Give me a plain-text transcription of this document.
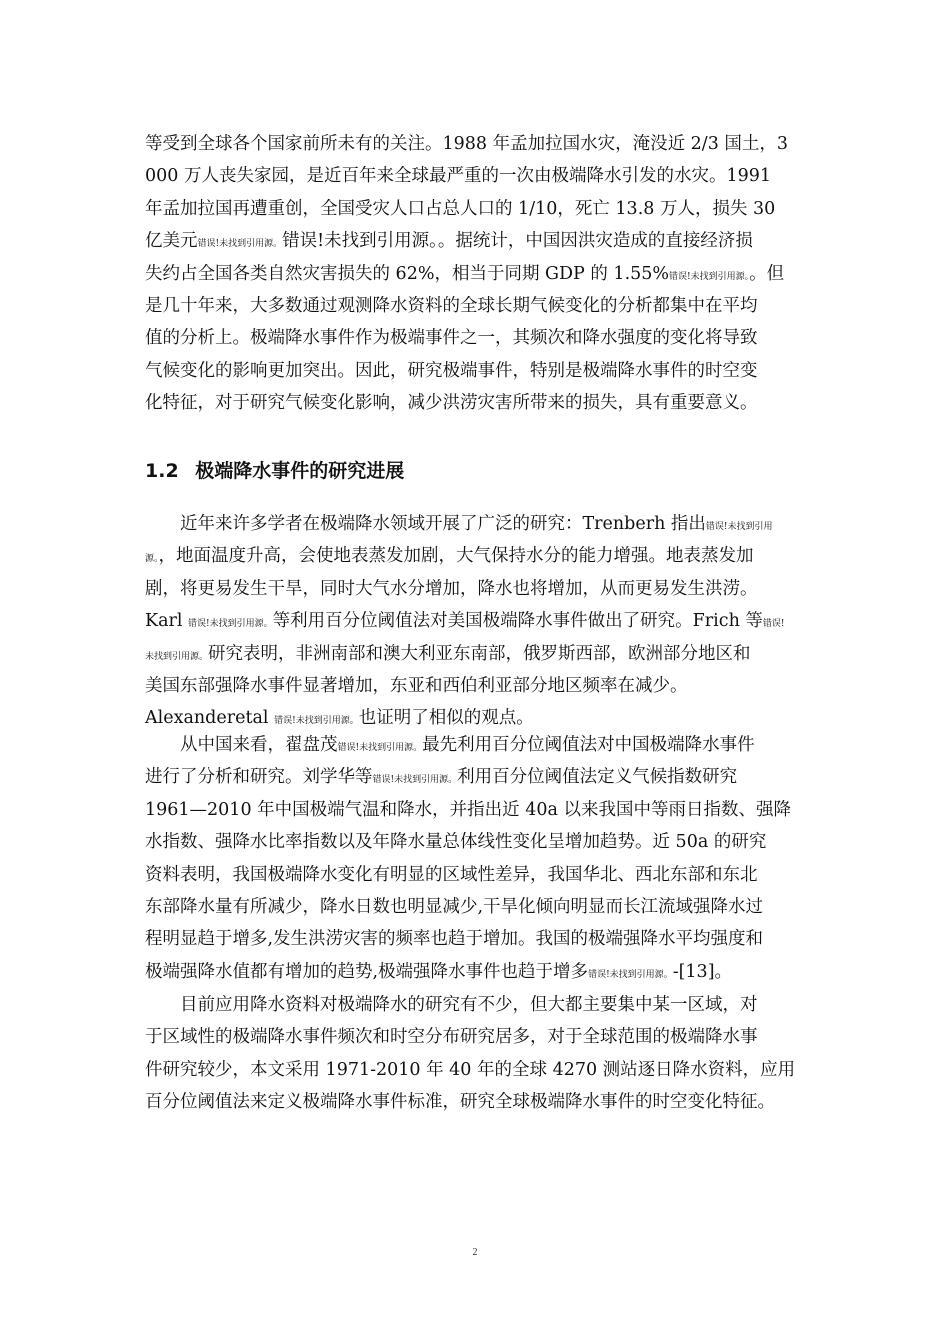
等受到全球各个国家前所未有的关注。1988 年孟加拉国水灾，淹没近 2/3 国土，3
000 万人丧失家园，是近百年来全球最严重的一次由极端降水引发的水灾。1991
年孟加拉国再遭重创，全国受灾人口占总人口的 1/10，死亡 13.8 万人，损失 30
亿美元错误!未找到引用源。错误!未找到引用源。。据统计，中国因洪灾造成的直接经济损
失约占全国各类自然灾害损失的 62%，相当于同期 GDP 的 1.55%错误!未找到引用源。。但
是几十年来，大多数通过观测降水资料的全球长期气候变化的分析都集中在平均
值的分析上。极端降水事件作为极端事件之一，其频次和降水强度的变化将导致
气候变化的影响更加突出。因此，研究极端事件，特别是极端降水事件的时空变
化特征，对于研究气候变化影响，减少洪涝灾害所带来的损失，具有重要意义。
1.2 极端降水事件的研究进展
　　近年来许多学者在极端降水领域开展了广泛的研究：Trenberh 指出错误!未找到引用
源。，地面温度升高，会使地表蒸发加剧，大气保持水分的能力增强。地表蒸发加
剧，将更易发生干旱，同时大气水分增加，降水也将增加，从而更易发生洪涝。
Karl 错误!未找到引用源。等利用百分位阈值法对美国极端降水事件做出了研究。Frich 等错误!
未找到引用源。研究表明，非洲南部和澳大利亚东南部，俄罗斯西部，欧洲部分地区和
美国东部强降水事件显著增加，东亚和西伯利亚部分地区频率在减少。
Alexanderetal 错误!未找到引用源。也证明了相似的观点。
　　从中国来看，翟盘茂错误!未找到引用源。最先利用百分位阈值法对中国极端降水事件
进行了分析和研究。刘学华等错误!未找到引用源。利用百分位阈值法定义气候指数研究
1961—2010 年中国极端气温和降水，并指出近 40a 以来我国中等雨日指数、强降
水指数、强降水比率指数以及年降水量总体线性变化呈增加趋势。近 50a 的研究
资料表明，我国极端降水变化有明显的区域性差异，我国华北、西北东部和东北
东部降水量有所减少，降水日数也明显减少,干旱化倾向明显而长江流域强降水过
程明显趋于增多,发生洪涝灾害的频率也趋于增加。我国的极端强降水平均强度和
极端强降水值都有增加的趋势,极端强降水事件也趋于增多错误!未找到引用源。-[13]。
　　目前应用降水资料对极端降水的研究有不少，但大都主要集中某一区域，对
于区域性的极端降水事件频次和时空分布研究居多，对于全球范围的极端降水事
件研究较少，本文采用 1971-2010 年 40 年的全球 4270 测站逐日降水资料，应用
百分位阈值法来定义极端降水事件标准，研究全球极端降水事件的时空变化特征。
2
